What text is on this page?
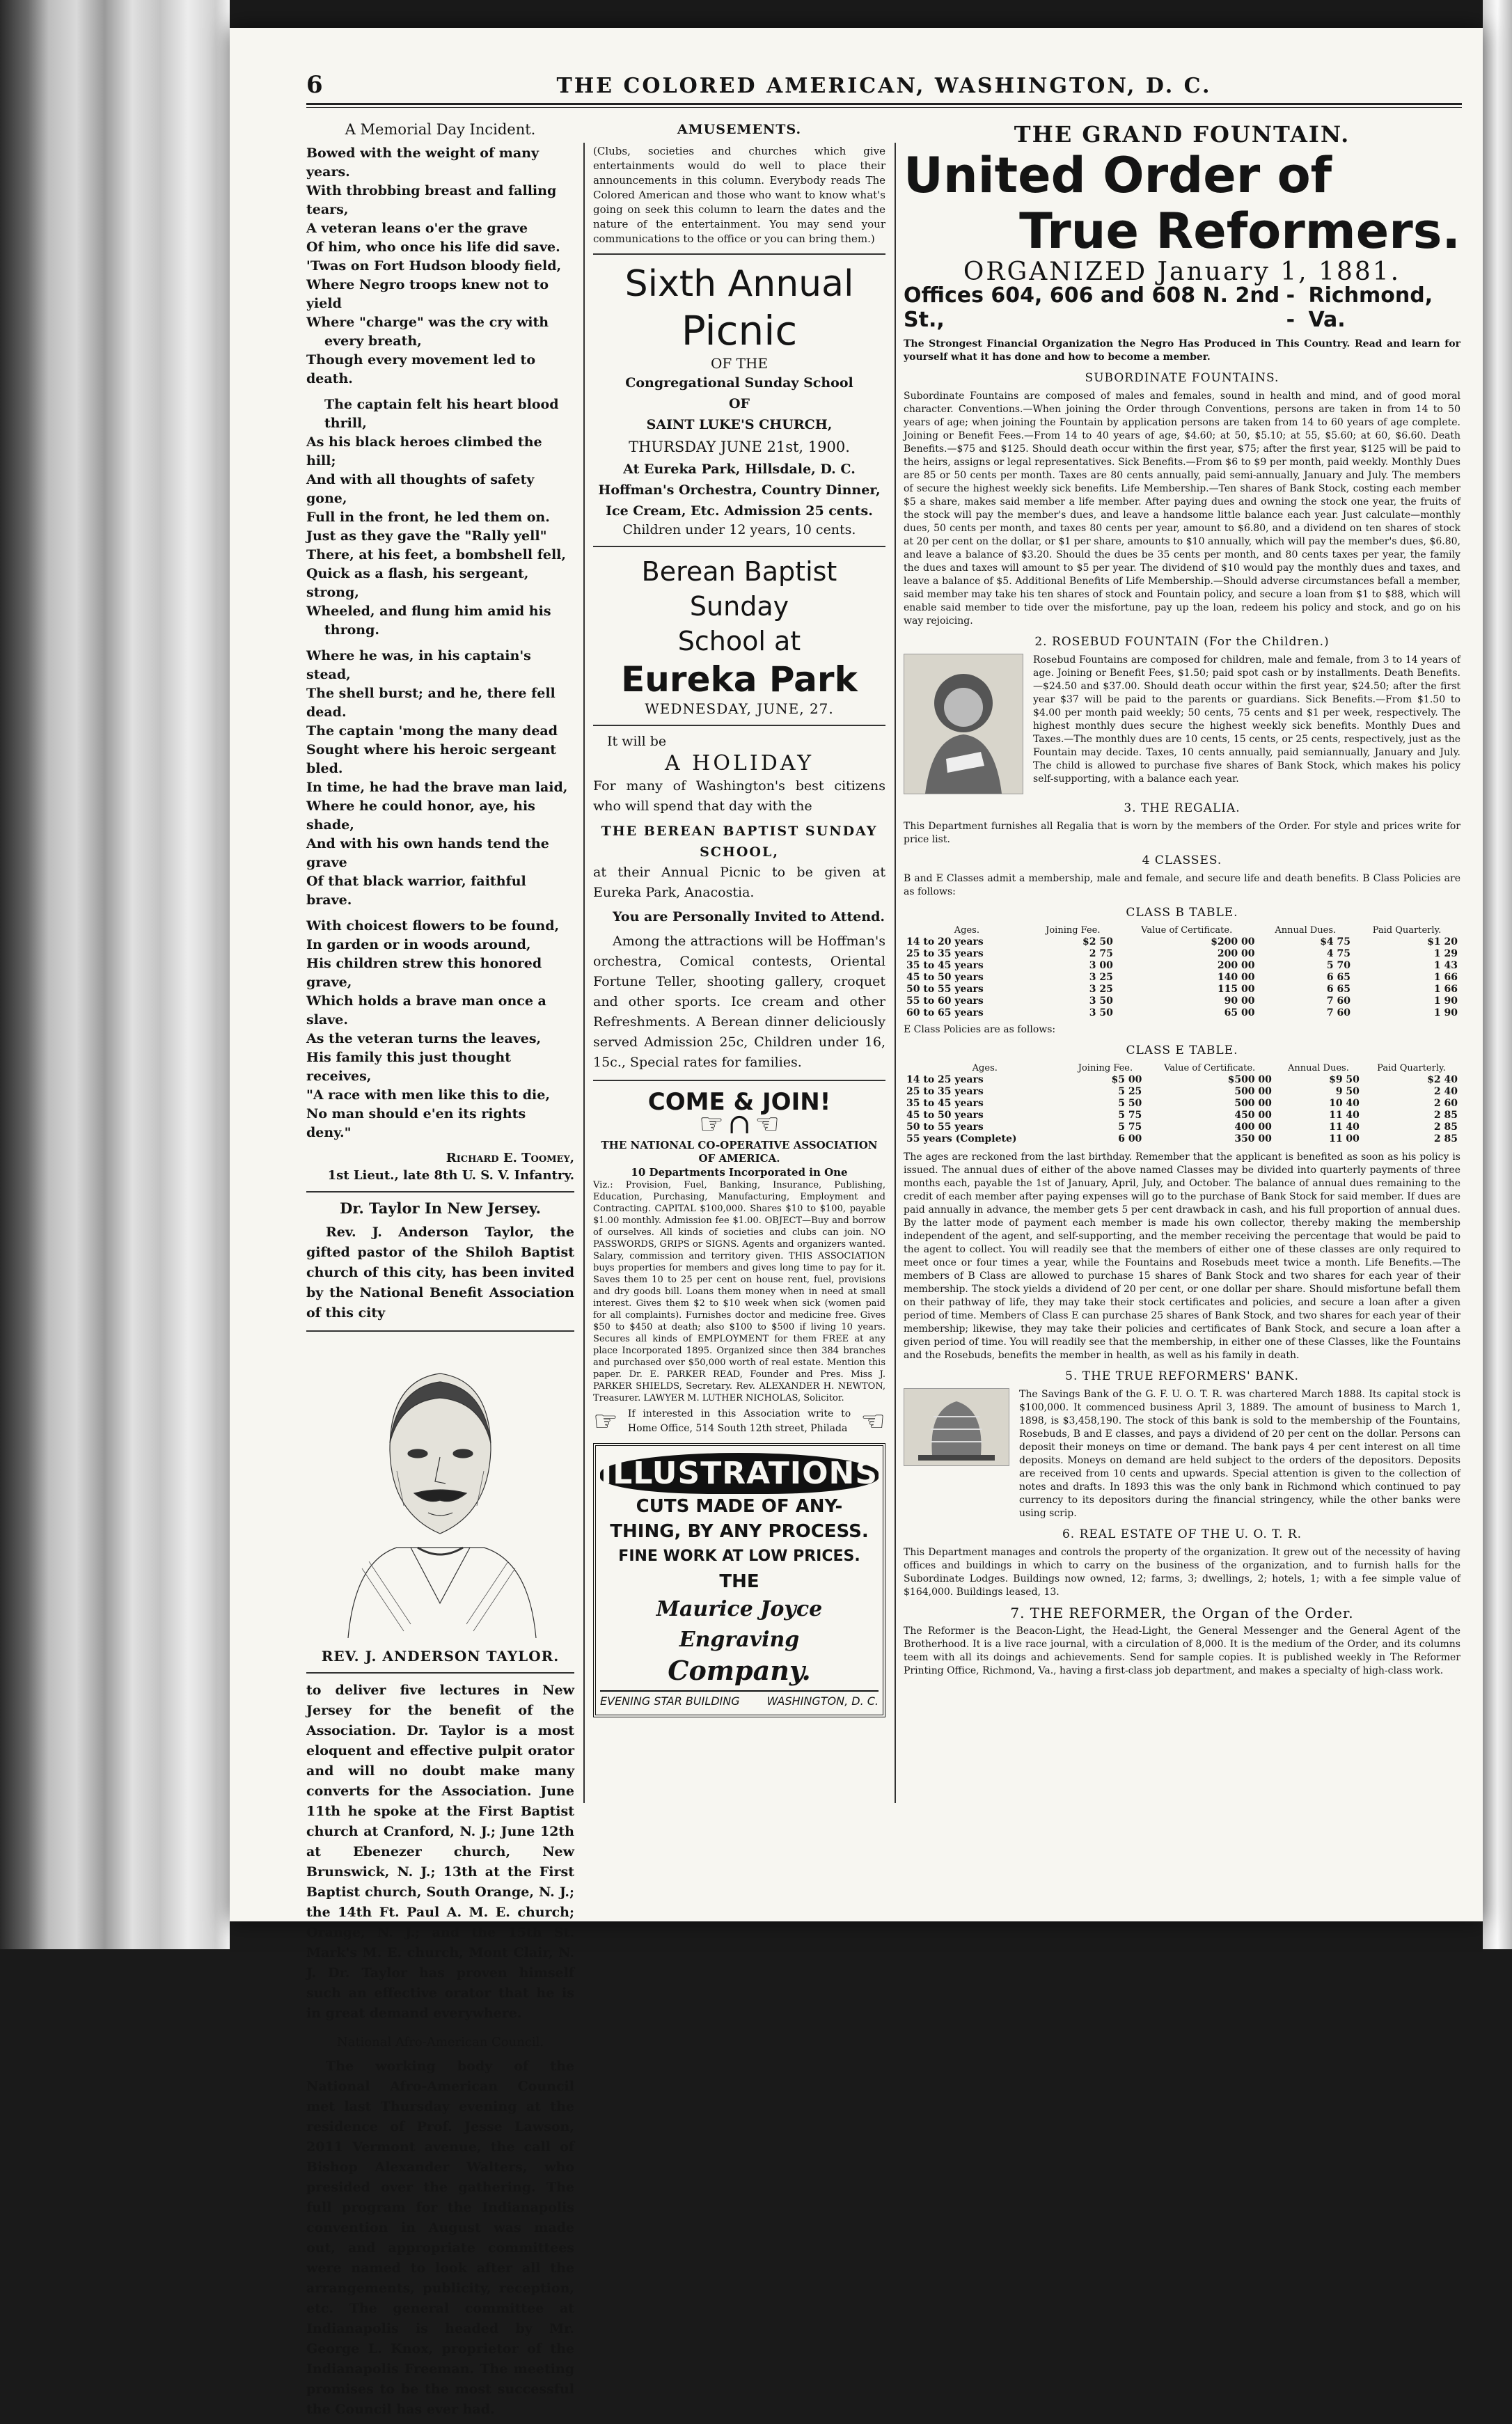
6	THE COLORED AMERICAN, WASHINGTON, D. C.
A Memorial Day Incident.

Bowed with the weight of many years.

With throbbing breast and falling tears,

A veteran leans o'er the grave

Of him, who once his life did save.

'Twas on Fort Hudson bloody field,

Where Negro troops knew not to yield

Where "charge" was the cry with

every breath,

Though every movement led to death.

The captain felt his heart blood thrill,

As his black heroes climbed the hill;

And with all thoughts of safety gone,

Full in the front, he led them on.

Just as they gave the "Rally yell"

There, at his feet, a bombshell fell,

Quick as a flash, his sergeant, strong,

Wheeled, and flung him amid his

throng.

Where he was, in his captain's stead,

The shell burst; and he, there fell dead.

The captain 'mong the many dead

Sought where his heroic sergeant bled.

In time, he had the brave man laid,

Where he could honor, aye, his shade,

And with his own hands tend the grave

Of that black warrior, faithful brave.

With choicest flowers to be found,

In garden or in woods around,

His children strew this honored grave,

Which holds a brave man once a slave.

As the veteran turns the leaves,

His family this just thought receives,

"A race with men like this to die,

No man should e'en its rights deny."

Richard E. Toomey,
1st Lieut., late 8th U. S. V. Infantry.
Dr. Taylor In New Jersey.

Rev. J. Anderson Taylor, the gifted pastor of the Shiloh Baptist church of this city, has been invited by the National Benefit Association of this city

REV. J. ANDERSON TAYLOR.

to deliver five lectures in New Jersey for the benefit of the Association. Dr. Taylor is a most eloquent and effective pulpit orator and will no doubt make many converts for the Association. June 11th he spoke at the First Baptist church at Cranford, N. J.; June 12th at Ebenezer church, New Brunswick, N. J.; 13th at the First Baptist church, South Orange, N. J.; the 14th Ft. Paul A. M. E. church; Orange, N. J.; and the 15th St. Mark's M. E. church, Mont Clair, N. J. Dr. Taylor has proven himself such an effective orator that he is in great demand everywhere.

National Afro-American Council.

The working body of the National Afro-American Council met last Thursday evening at the residence of Prof. Jesse Lawson, 2011 Vermont avenue, the call of Bishop Alexander Walters, who presided over the gathering. The full program for the Indianapolis convention in August was made out, and appropriate committees were named to look after all the arrangements, publicity, reception, etc. The general committee at Indianapolis is headed by Mr. George L. Knox, proprietor of the Indianapolis Freeman. The meeting promises to be the most successful the Council has ever had.

AMUSEMENTS.
(Clubs, societies and churches which give entertainments would do well to place their announcements in this column. Everybody reads The Colored American and those who want to know what's going on seek this column to learn the dates and the nature of the entertainment. You may send your communications to the office or you can bring them.)
Sixth Annual
Picnic
OF THE
Congregational Sunday School
OF
SAINT LUKE'S CHURCH,
THURSDAY JUNE 21st, 1900.
At Eureka Park, Hillsdale, D. C.
Hoffman's Orchestra, Country Dinner,
Ice Cream, Etc. Admission 25 cents.
Children under 12 years, 10 cents.
Berean Baptist Sunday
School at
Eureka Park
WEDNESDAY, JUNE, 27.
It will be
A HOLIDAY

For many of Washington's best citizens who will spend that day with the

THE BEREAN BAPTIST SUNDAY SCHOOL,

at their Annual Picnic to be given at Eureka Park, Anacostia.

You are Personally Invited to Attend.

Among the attractions will be Hoffman's orchestra, Comical contests, Oriental Fortune Teller, shooting gallery, croquet and other sports. Ice cream and other Refreshments. A Berean dinner deliciously served Admission 25c, Children under 16, 15c., Special rates for families.

COME & JOIN!
☞ ∩ ☜
THE NATIONAL CO-OPERATIVE ASSOCIATION OF AMERICA.
10 Departments Incorporated in One
Viz.: Provision, Fuel, Banking, Insurance, Publishing, Education, Purchasing, Manufacturing, Employment and Contracting. CAPITAL $100,000. Shares $10 to $100, payable $1.00 monthly. Admission fee $1.00. OBJECT—Buy and borrow of ourselves. All kinds of societies and clubs can join. NO PASSWORDS, GRIPS or SIGNS. Agents and organizers wanted. Salary, commission and territory given. THIS ASSOCIATION buys properties for members and gives long time to pay for it. Saves them 10 to 25 per cent on house rent, fuel, provisions and dry goods bill. Loans them money when in need at small interest. Gives them $2 to $10 week when sick (women paid for all complaints). Furnishes doctor and medicine free. Gives $50 to $450 at death; also $100 to $500 if living 10 years. Secures all kinds of EMPLOYMENT for them FREE at any place Incorporated 1895. Organized since then 384 branches and purchased over $50,000 worth of real estate. Mention this paper. Dr. E. PARKER READ, Founder and Pres. Miss J. PARKER SHIELDS, Secretary. Rev. ALEXANDER H. NEWTON, Treasurer. LAWYER M. LUTHER NICHOLAS, Solicitor.
☞ If interested in this Association write to Home Office, 514 South 12th street, Philada ☜
ILLUSTRATIONS
CUTS MADE OF ANY-
THING, BY ANY PROCESS.
FINE WORK AT LOW PRICES.
THE
Maurice Joyce Engraving
Company.
EVENING STAR BUILDING WASHINGTON, D. C.
THE GRAND FOUNTAIN.
United Order of
True Reformers.
ORGANIZED January 1, 1881.
Offices 604, 606 and 608 N. 2nd St.,
- -
Richmond, Va.
The Strongest Financial Organization the Negro Has Produced in This Country. Read and learn for yourself what it has done and how to become a member.
SUBORDINATE FOUNTAINS.
Subordinate Fountains are composed of males and females, sound in health and mind, and of good moral character. Conventions.—When joining the Order through Conventions, persons are taken in from 14 to 50 years of age; when joining the Fountain by application persons are taken from 14 to 60 years of age complete. Joining or Benefit Fees.—From 14 to 40 years of age, $4.60; at 50, $5.10; at 55, $5.60; at 60, $6.60. Death Benefits.—$75 and $125. Should death occur within the first year, $75; after the first year, $125 will be paid to the heirs, assigns or legal representatives. Sick Benefits.—From $6 to $9 per month, paid weekly. Monthly Dues are 85 or 50 cents per month. Taxes are 80 cents annually, paid semi-annually, January and July. The members of secure the highest weekly sick benefits. Life Membership.—Ten shares of Bank Stock, costing each member $5 a share, makes said member a life member. After paying dues and owning the stock one year, the fruits of the stock will pay the member's dues, and leave a handsome little balance each year. Just calculate—monthly dues, 50 cents per month, and taxes 80 cents per year, amount to $6.80, and a dividend on ten shares of stock at 20 per cent on the dollar, or $1 per share, amounts to $10 annually, which will pay the member's dues, $6.80, and leave a balance of $3.20. Should the dues be 35 cents per month, and 80 cents taxes per year, the family the dues and taxes will amount to $5 per year. The dividend of $10 would pay the monthly dues and taxes, and leave a balance of $5. Additional Benefits of Life Membership.—Should adverse circumstances befall a member, said member may take his ten shares of stock and Fountain policy, and secure a loan from $1 to $88, which will enable said member to tide over the misfortune, pay up the loan, redeem his policy and stock, and go on his way rejoicing.
2. ROSEBUD FOUNTAIN (For the Children.)
Rosebud Fountains are composed for children, male and female, from 3 to 14 years of age. Joining or Benefit Fees, $1.50; paid spot cash or by installments. Death Benefits.—$24.50 and $37.00. Should death occur within the first year, $24.50; after the first year $37 will be paid to the parents or guardians. Sick Benefits.—From $1.50 to $4.00 per month paid weekly; 50 cents, 75 cents and $1 per week, respectively. The highest monthly dues secure the highest weekly sick benefits. Monthly Dues and Taxes.—The monthly dues are 10 cents, 15 cents, or 25 cents, respectively, just as the Fountain may decide. Taxes, 10 cents annually, paid semiannually, January and July. The child is allowed to purchase five shares of Bank Stock, which makes his policy self-supporting, with a balance each year.
3. THE REGALIA.
This Department furnishes all Regalia that is worn by the members of the Order. For style and prices write for price list.
4 CLASSES.
B and E Classes admit a membership, male and female, and secure life and death benefits. B Class Policies are as follows:
CLASS B TABLE.
Ages.	Joining Fee.	Value of Certificate.	Annual Dues.	Paid Quarterly.
14 to 20 years	$2 50	$200 00	$4 75	$1 20
25 to 35 years	2 75	200 00	4 75	1 29
35 to 45 years	3 00	200 00	5 70	1 43
45 to 50 years	3 25	140 00	6 65	1 66
50 to 55 years	3 25	115 00	6 65	1 66
55 to 60 years	3 50	90 00	7 60	1 90
60 to 65 years	3 50	65 00	7 60	1 90
E Class Policies are as follows:
CLASS E TABLE.
Ages.	Joining Fee.	Value of Certificate.	Annual Dues.	Paid Quarterly.
14 to 25 years	$5 00	$500 00	$9 50	$2 40
25 to 35 years	5 25	500 00	9 50	2 40
35 to 45 years	5 50	500 00	10 40	2 60
45 to 50 years	5 75	450 00	11 40	2 85
50 to 55 years	5 75	400 00	11 40	2 85
55 years (Complete)	6 00	350 00	11 00	2 85
The ages are reckoned from the last birthday. Remember that the applicant is benefited as soon as his policy is issued. The annual dues of either of the above named Classes may be divided into quarterly payments of three months each, payable the 1st of January, April, July, and October. The balance of annual dues remaining to the credit of each member after paying expenses will go to the purchase of Bank Stock for said member. If dues are paid annually in advance, the member gets 5 per cent drawback in cash, and his full proportion of annual dues. By the latter mode of payment each member is made his own collector, thereby making the membership independent of the agent, and self-supporting, and the member receiving the percentage that would be paid to the agent to collect. You will readily see that the members of either one of these classes are only required to meet once or four times a year, while the Fountains and Rosebuds meet twice a month. Life Benefits.—The members of B Class are allowed to purchase 15 shares of Bank Stock and two shares for each year of their membership. The stock yields a dividend of 20 per cent, or one dollar per share. Should misfortune befall them on their pathway of life, they may take their stock certificates and policies, and secure a loan after a given period of time. Members of Class E can purchase 25 shares of Bank Stock, and two shares for each year of their membership; likewise, they may take their policies and certificates of Bank Stock, and secure a loan after a given period of time. You will readily see that the membership, in either one of these Classes, like the Fountains and the Rosebuds, benefits the member in health, as well as his family in death.
5. THE TRUE REFORMERS' BANK.
The Savings Bank of the G. F. U. O. T. R. was chartered March 1888. Its capital stock is $100,000. It commenced business April 3, 1889. The amount of business to March 1, 1898, is $3,458,190. The stock of this bank is sold to the membership of the Fountains, Rosebuds, B and E classes, and pays a dividend of 20 per cent on the dollar. Persons can deposit their moneys on time or demand. The bank pays 4 per cent interest on all time deposits. Moneys on demand are held subject to the orders of the depositors. Deposits are received from 10 cents and upwards. Special attention is given to the collection of notes and drafts. In 1893 this was the only bank in Richmond which continued to pay currency to its depositors during the financial stringency, while the other banks were using scrip.
6. REAL ESTATE OF THE U. O. T. R.
This Department manages and controls the property of the organization. It grew out of the necessity of having offices and buildings in which to carry on the business of the organization, and to furnish halls for the Subordinate Lodges. Buildings now owned, 12; farms, 3; dwellings, 2; hotels, 1; with a fee simple value of $164,000. Buildings leased, 13.
7. THE REFORMER, the Organ of the Order.
The Reformer is the Beacon-Light, the Head-Light, the General Messenger and the General Agent of the Brotherhood. It is a live race journal, with a circulation of 8,000. It is the medium of the Order, and its columns teem with all its doings and achievements. Send for sample copies. It is published weekly in The Reformer Printing Office, Richmond, Va., having a first-class job department, and makes a specialty of high-class work.
